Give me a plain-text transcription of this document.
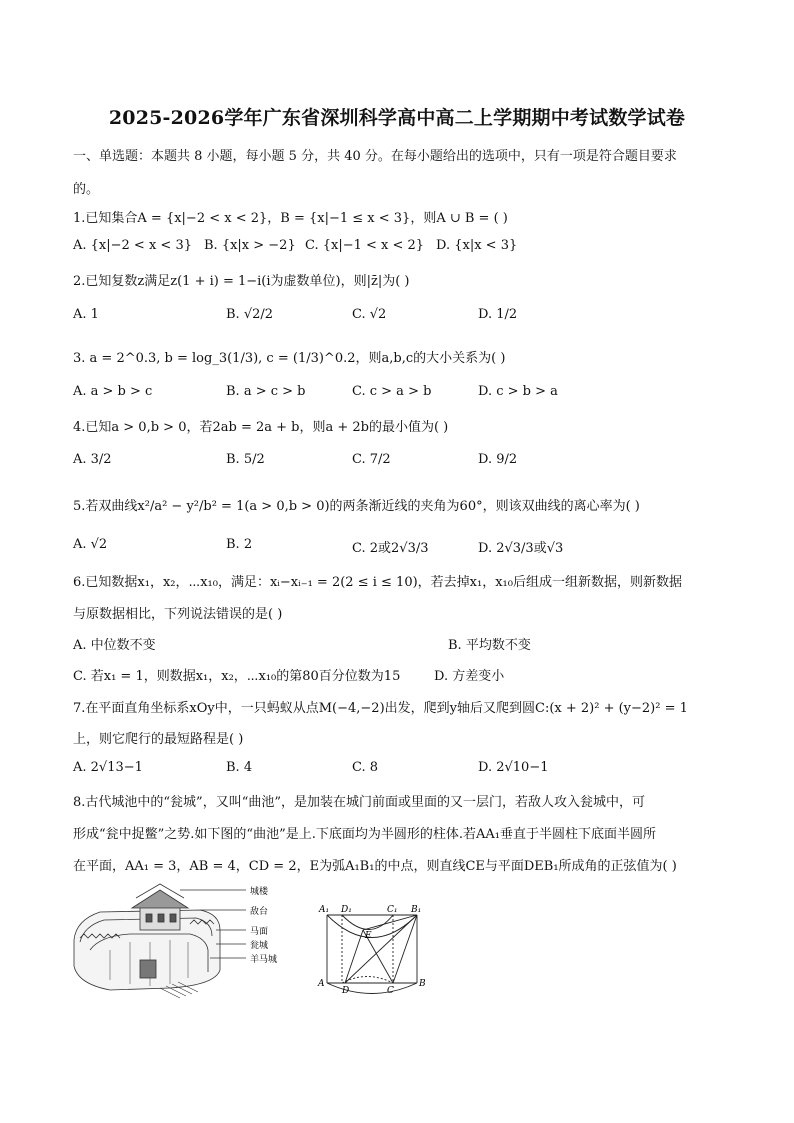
2025-2026学年广东省深圳科学高中高二上学期期中考试数学试卷
一、单选题：本题共 8 小题，每小题 5 分，共 40 分。在每小题给出的选项中，只有一项是符合题目要求
的。
1.已知集合A = {x|−2 < x < 2}，B = {x|−1 ≤ x < 3}，则A ∪ B = ( )
A. {x|−2 < x < 3} B. {x|x > −2} C. {x|−1 < x < 2} D. {x|x < 3}
2.已知复数z满足z(1 + i) = 1−i(i为虚数单位)，则|z̄|为( )
A. 1	B. √2/2	C. √2	D. 1/2
3. a = 2^0.3, b = log_3(1/3), c = (1/3)^0.2，则a,b,c的大小关系为( )
A. a > b > c	B. a > c > b	C. c > a > b	D. c > b > a
4.已知a > 0,b > 0，若2ab = 2a + b，则a + 2b的最小值为( )
A. 3/2	B. 5/2	C. 7/2	D. 9/2
5.若双曲线x²/a² − y²/b² = 1(a > 0,b > 0)的两条渐近线的夹角为60°，则该双曲线的离心率为( )
A. √2	B. 2	C. 2或2√3/3	D. 2√3/3或√3
6.已知数据x₁，x₂，⋯x₁₀，满足：xᵢ−xᵢ₋₁ = 2(2 ≤ i ≤ 10)，若去掉x₁，x₁₀后组成一组新数据，则新数据
与原数据相比，下列说法错误的是( )
A. 中位数不变	B. 平均数不变
C. 若x₁ = 1，则数据x₁，x₂，⋯x₁₀的第80百分位数为15	D. 方差变小
7.在平面直角坐标系xOy中，一只蚂蚁从点M(−4,−2)出发，爬到y轴后又爬到圆C:(x + 2)² + (y−2)² = 1
上，则它爬行的最短路程是( )
A. 2√13−1	B. 4	C. 8	D. 2√10−1
8.古代城池中的“瓮城”，又叫“曲池”，是加装在城门前面或里面的又一层门，若敌人攻入瓮城中，可
形成“瓮中捉鳖”之势.如下图的“曲池”是上.下底面均为半圆形的柱体.若AA₁垂直于半圆柱下底面半圆所
在平面，AA₁ = 3，AB = 4，CD = 2，E为弧A₁B₁的中点，则直线CE与平面DEB₁所成角的正弦值为( )
城楼
敌台
马面
瓮城
羊马城
A₁ D₁	C₁ B₁
E
A
D	C
B
